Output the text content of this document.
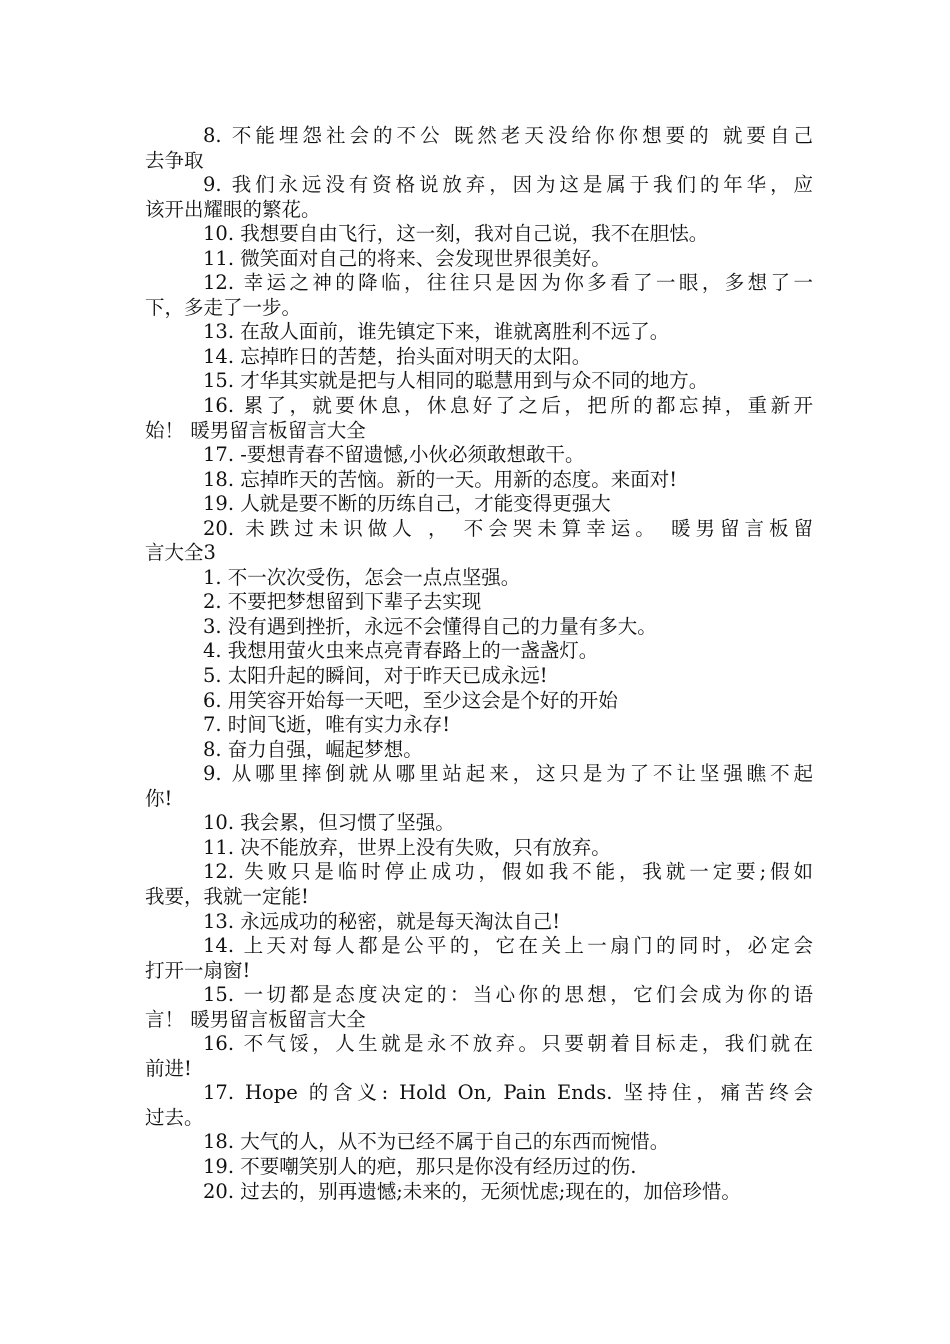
8. 不能埋怨社会的不公 既然老天没给你你想要的 就要自己
去争取
9. 我们永远没有资格说放弃，因为这是属于我们的年华，应
该开出耀眼的繁花。
10. 我想要自由飞行，这一刻，我对自己说，我不在胆怯。
11. 微笑面对自己的将来、会发现世界很美好。
12. 幸运之神的降临，往往只是因为你多看了一眼，多想了一
下，多走了一步。
13. 在敌人面前，谁先镇定下来，谁就离胜利不远了。
14. 忘掉昨日的苦楚，抬头面对明天的太阳。
15. 才华其实就是把与人相同的聪慧用到与众不同的地方。
16. 累了，就要休息，休息好了之后，把所的都忘掉，重新开
始！ 暖男留言板留言大全
17. -要想青春不留遗憾,小伙必须敢想敢干。
18. 忘掉昨天的苦恼。新的一天。用新的态度。来面对!
19. 人就是要不断的历练自己，才能变得更强大
20. 未跌过未识做人 ， 不会哭未算幸运。 暖男留言板留
言大全3
1. 不一次次受伤，怎会一点点坚强。
2. 不要把梦想留到下辈子去实现
3. 没有遇到挫折，永远不会懂得自己的力量有多大。
4. 我想用萤火虫来点亮青春路上的一盏盏灯。
5. 太阳升起的瞬间，对于昨天已成永远!
6. 用笑容开始每一天吧，至少这会是个好的开始
7. 时间飞逝，唯有实力永存!
8. 奋力自强，崛起梦想。
9. 从哪里摔倒就从哪里站起来，这只是为了不让坚强瞧不起
你!
10. 我会累，但习惯了坚强。
11. 决不能放弃，世界上没有失败，只有放弃。
12. 失败只是临时停止成功，假如我不能，我就一定要;假如
我要，我就一定能!
13. 永远成功的秘密，就是每天淘汰自己!
14. 上天对每人都是公平的，它在关上一扇门的同时，必定会
打开一扇窗!
15. 一切都是态度决定的：当心你的思想，它们会成为你的语
言！ 暖男留言板留言大全
16. 不气馁，人生就是永不放弃。只要朝着目标走，我们就在
前进!
17. Hope 的含义: Hold On, Pain Ends. 坚持住，痛苦终会
过去。
18. 大气的人，从不为已经不属于自己的东西而惋惜。
19. 不要嘲笑别人的疤，那只是你没有经历过的伤.
20. 过去的，别再遗憾;未来的，无须忧虑;现在的，加倍珍惜。
